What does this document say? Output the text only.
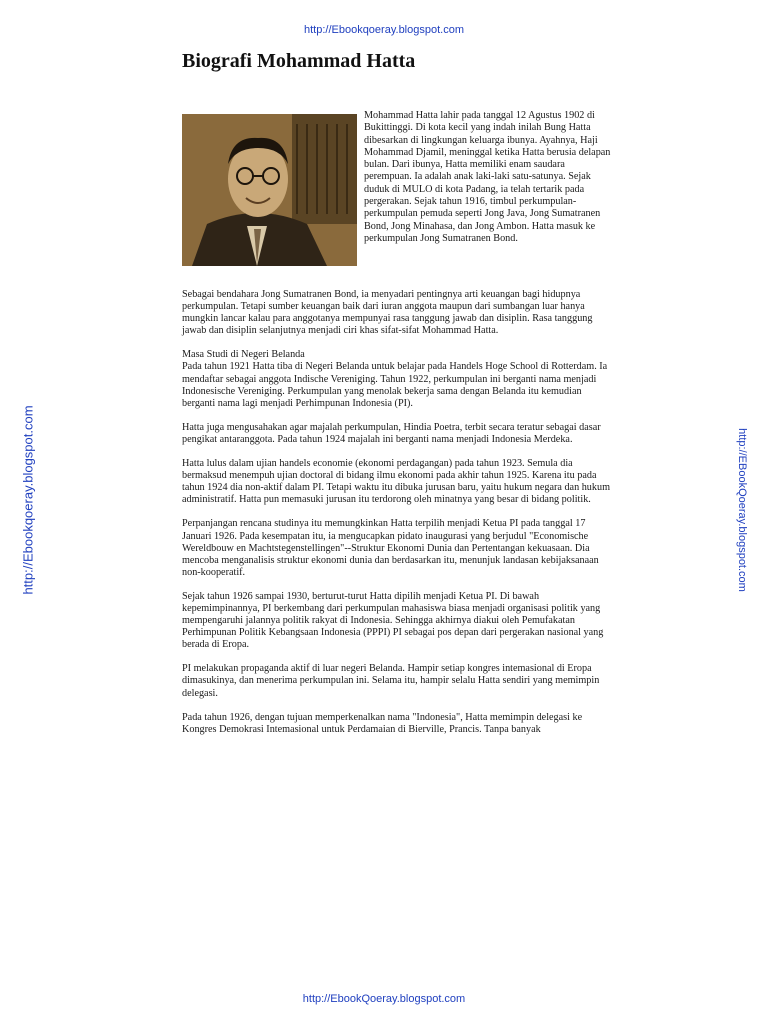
http://Ebookqoeray.blogspot.com
http://Ebookqoeray.blogspot.com	http://EBookQoeray.blogspot.com
Biografi Mohammad Hatta

Mohammad Hatta lahir pada tanggal 12 Agustus 1902 di Bukittinggi. Di kota kecil yang indah inilah Bung Hatta dibesarkan di lingkungan keluarga ibunya. Ayahnya, Haji Mohammad Djamil, meninggal ketika Hatta berusia delapan bulan. Dari ibunya, Hatta memiliki enam saudara perempuan. Ia adalah anak laki-laki satu-satunya. Sejak duduk di MULO di kota Padang, ia telah tertarik pada pergerakan. Sejak tahun 1916, timbul perkumpulan-perkumpulan pemuda seperti Jong Java, Jong Sumatranen Bond, Jong Minahasa, dan Jong Ambon. Hatta masuk ke perkumpulan Jong Sumatranen Bond.

Sebagai bendahara Jong Sumatranen Bond, ia menyadari pentingnya arti keuangan bagi hidupnya perkumpulan. Tetapi sumber keuangan baik dari iuran anggota maupun dari sumbangan luar hanya mungkin lancar kalau para anggotanya mempunyai rasa tanggung jawab dan disiplin. Rasa tanggung jawab dan disiplin selanjutnya menjadi ciri khas sifat-sifat Mohammad Hatta.

Masa Studi di Negeri Belanda
Pada tahun 1921 Hatta tiba di Negeri Belanda untuk belajar pada Handels Hoge School di Rotterdam. Ia mendaftar sebagai anggota Indische Vereniging. Tahun 1922, perkumpulan ini berganti nama menjadi Indonesische Vereniging. Perkumpulan yang menolak bekerja sama dengan Belanda itu kemudian berganti nama lagi menjadi Perhimpunan Indonesia (PI).

Hatta juga mengusahakan agar majalah perkumpulan, Hindia Poetra, terbit secara teratur sebagai dasar pengikat antaranggota. Pada tahun 1924 majalah ini berganti nama menjadi Indonesia Merdeka.

Hatta lulus dalam ujian handels economie (ekonomi perdagangan) pada tahun 1923. Semula dia bermaksud menempuh ujian doctoral di bidang ilmu ekonomi pada akhir tahun 1925. Karena itu pada tahun 1924 dia non-aktif dalam PI. Tetapi waktu itu dibuka jurusan baru, yaitu hukum negara dan hukum administratif. Hatta pun memasuki jurusan itu terdorong oleh minatnya yang besar di bidang politik.

Perpanjangan rencana studinya itu memungkinkan Hatta terpilih menjadi Ketua PI pada tanggal 17 Januari 1926. Pada kesempatan itu, ia mengucapkan pidato inaugurasi yang berjudul "Economische Wereldbouw en Machtstegenstellingen"--Struktur Ekonomi Dunia dan Pertentangan kekuasaan. Dia mencoba menganalisis struktur ekonomi dunia dan berdasarkan itu, menunjuk landasan kebijaksanaan non-kooperatif.

Sejak tahun 1926 sampai 1930, berturut-turut Hatta dipilih menjadi Ketua PI. Di bawah kepemimpinannya, PI berkembang dari perkumpulan mahasiswa biasa menjadi organisasi politik yang mempengaruhi jalannya politik rakyat di Indonesia. Sehingga akhirnya diakui oleh Pemufakatan Perhimpunan Politik Kebangsaan Indonesia (PPPI) PI sebagai pos depan dari pergerakan nasional yang berada di Eropa.

PI melakukan propaganda aktif di luar negeri Belanda. Hampir setiap kongres intemasional di Eropa dimasukinya, dan menerima perkumpulan ini. Selama itu, hampir selalu Hatta sendiri yang memimpin delegasi.

Pada tahun 1926, dengan tujuan memperkenalkan nama "Indonesia", Hatta memimpin delegasi ke Kongres Demokrasi Intemasional untuk Perdamaian di Bierville, Prancis. Tanpa banyak

http://EbookQoeray.blogspot.com
